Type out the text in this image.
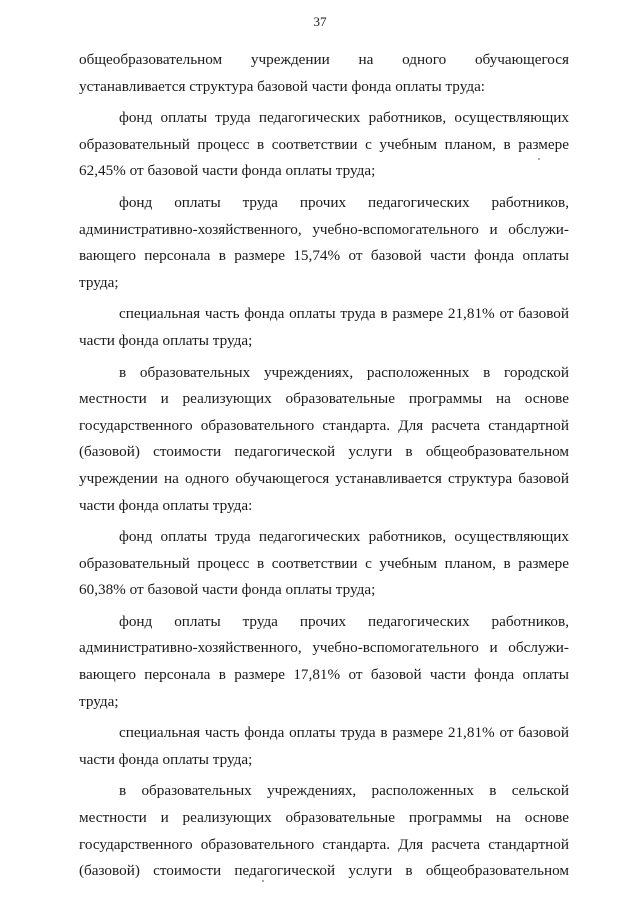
37
общеобразовательном учреждении на одного обучающегося
устанавливается структура базовой части фонда оплаты труда:
фонд оплаты труда педагогических работников, осуществляющих
образовательный процесс в соответствии с учебным планом, в размере
62,45% от базовой части фонда оплаты труда;
фонд оплаты труда прочих педагогических работников,
административно-хозяйственного, учебно-вспомогательного и обслужи-
вающего персонала в размере 15,74% от базовой части фонда оплаты
труда;
специальная часть фонда оплаты труда в размере 21,81% от базовой
части фонда оплаты труда;
в образовательных учреждениях, расположенных в городской
местности и реализующих образовательные программы на основе
государственного образовательного стандарта. Для расчета стандартной
(базовой) стоимости педагогической услуги в общеобразовательном
учреждении на одного обучающегося устанавливается структура базовой
части фонда оплаты труда:
фонд оплаты труда педагогических работников, осуществляющих
образовательный процесс в соответствии с учебным планом, в размере
60,38% от базовой части фонда оплаты труда;
фонд оплаты труда прочих педагогических работников,
административно-хозяйственного, учебно-вспомогательного и обслужи-
вающего персонала в размере 17,81% от базовой части фонда оплаты
труда;
специальная часть фонда оплаты труда в размере 21,81% от базовой
части фонда оплаты труда;
в образовательных учреждениях, расположенных в сельской
местности и реализующих образовательные программы на основе
государственного образовательного стандарта. Для расчета стандартной
(базовой) стоимости педагогической услуги в общеобразовательном
